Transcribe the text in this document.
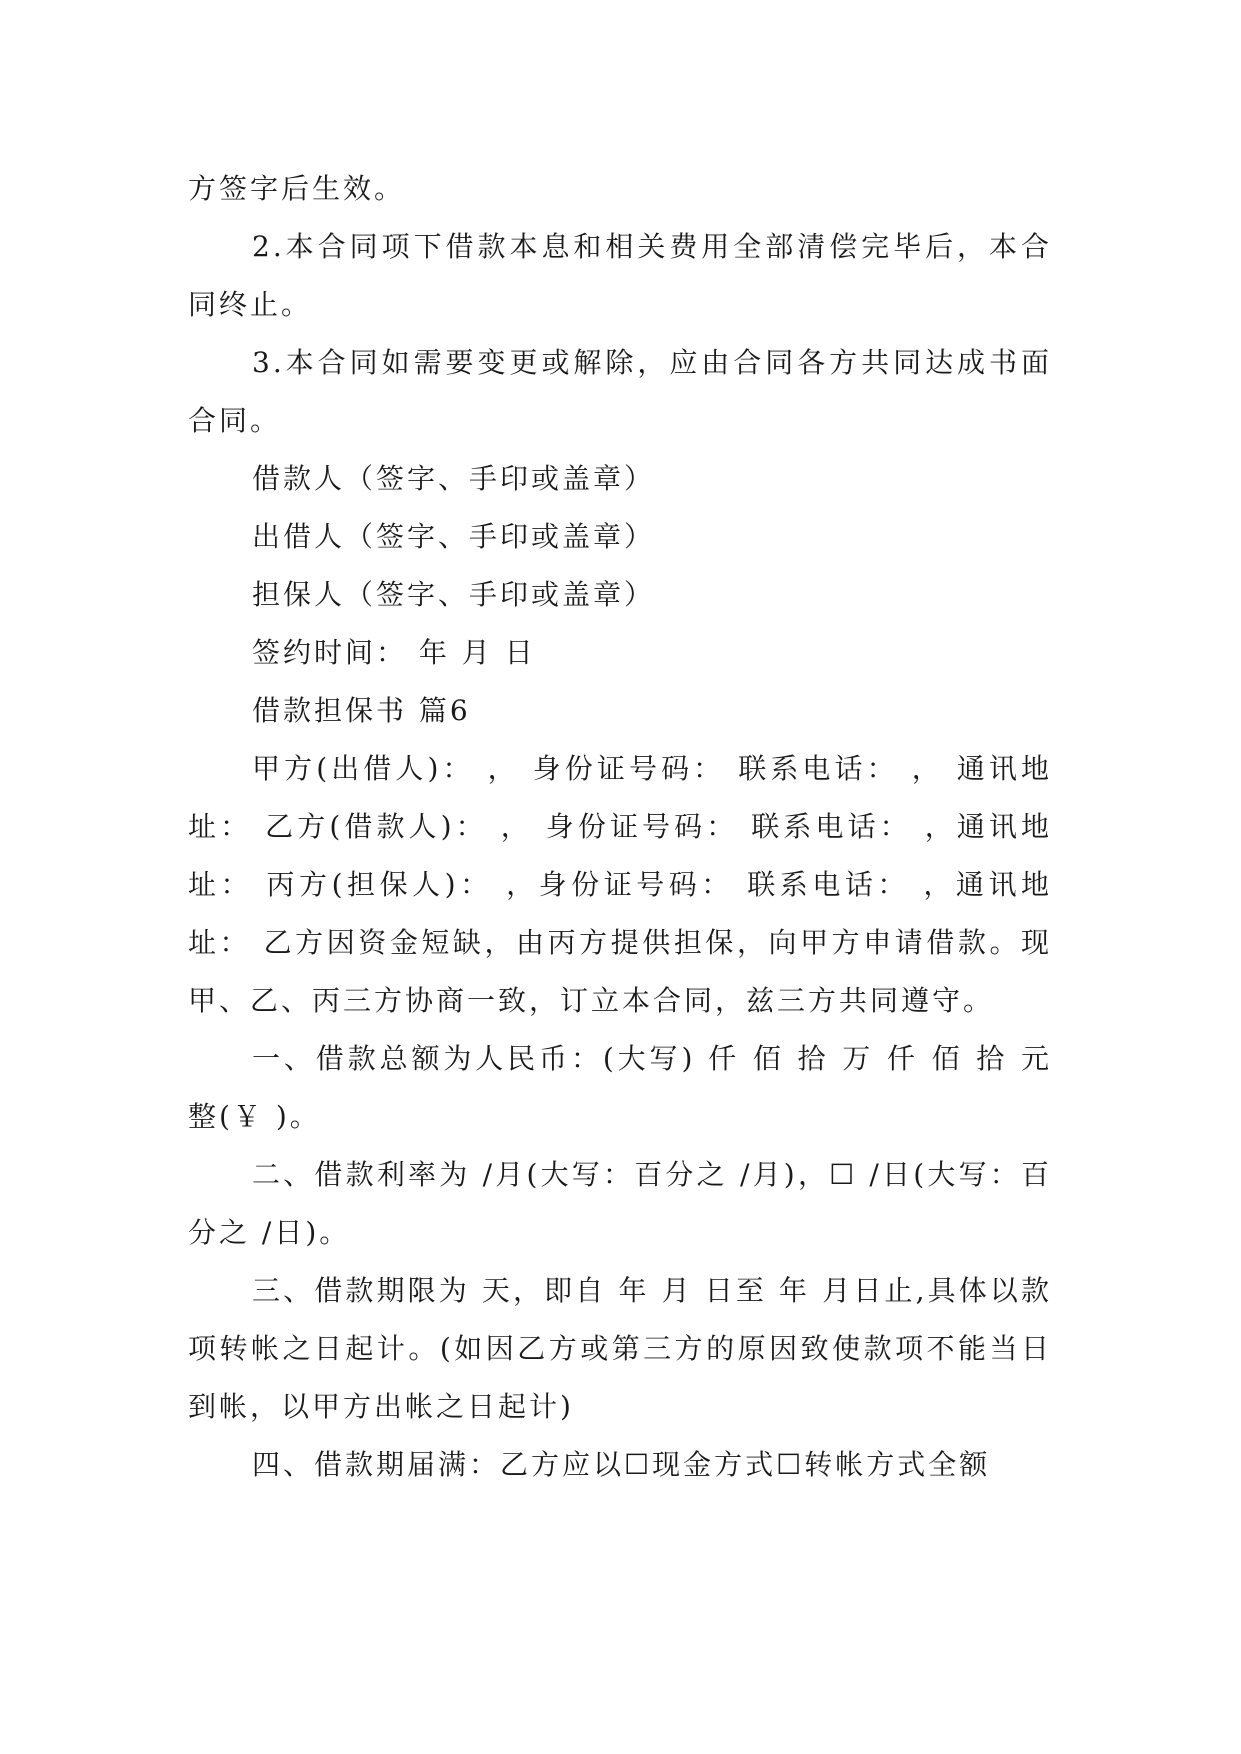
方签字后生效。

2.本合同项下借款本息和相关费用全部清偿完毕后，本合同终止。

3.本合同如需要变更或解除，应由合同各方共同达成书面合同。

借款人（签字、手印或盖章）

出借人（签字、手印或盖章）

担保人（签字、手印或盖章）

签约时间： 年 月 日

借款担保书 篇6

甲方(出借人)： ， 身份证号码： 联系电话： ， 通讯地址： 乙方(借款人)： ， 身份证号码： 联系电话： ，通讯地址： 丙方(担保人)： ，身份证号码： 联系电话： ，通讯地址： 乙方因资金短缺，由丙方提供担保，向甲方申请借款。现甲、乙、丙三方协商一致，订立本合同，兹三方共同遵守。

一、借款总额为人民币：(大写) 仟 佰 拾 万 仟 佰 拾 元整(￥ )。

二、借款利率为 /月(大写：百分之 /月)，☐ /日(大写：百分之 /日)。

三、借款期限为 天，即自 年 月 日至 年 月日止,具体以款项转帐之日起计。(如因乙方或第三方的原因致使款项不能当日到帐，以甲方出帐之日起计)

四、借款期届满：乙方应以☐现金方式☐转帐方式全额
